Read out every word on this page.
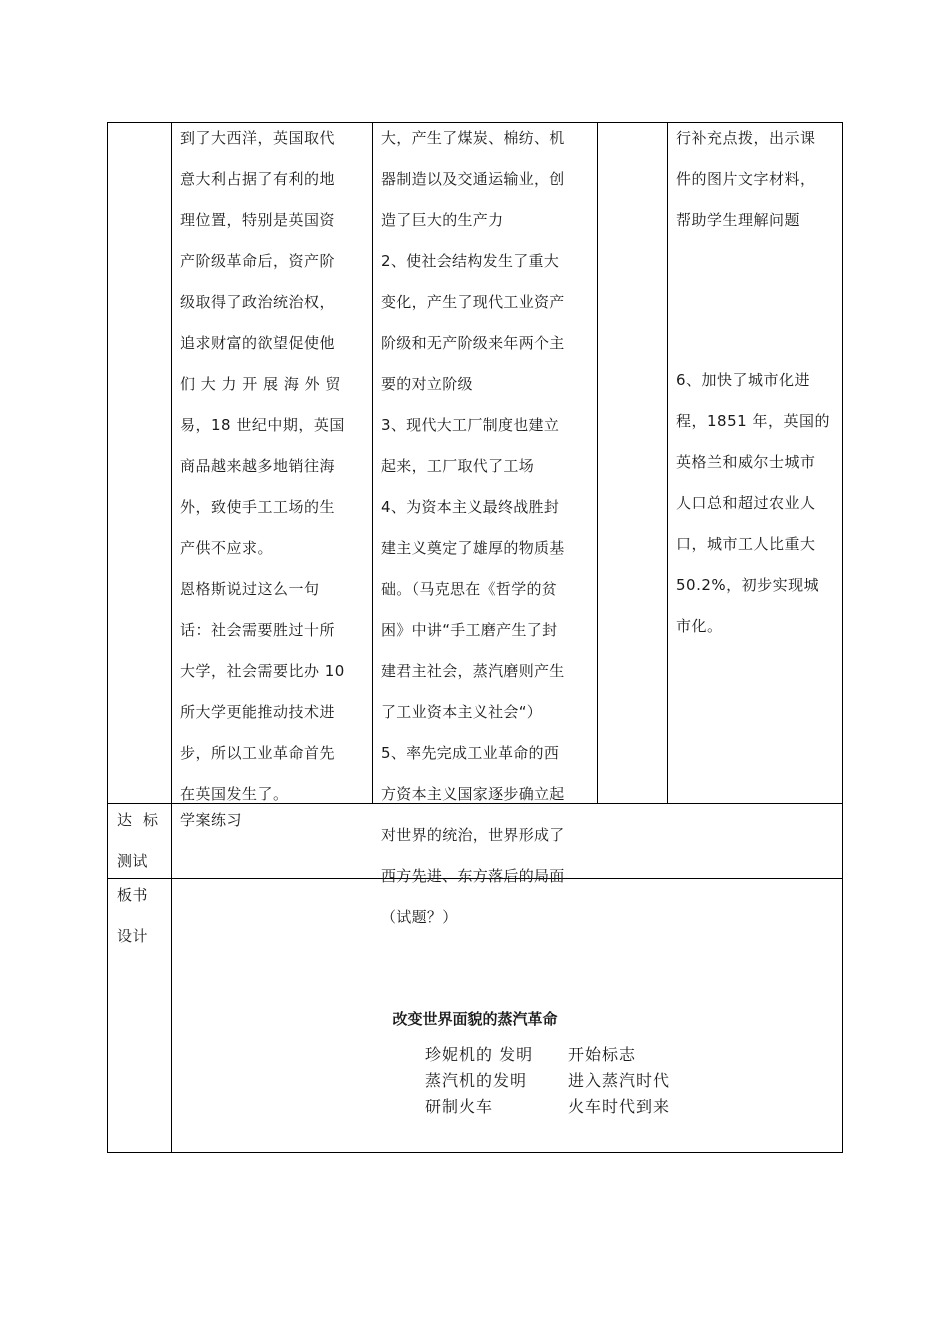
到了大西洋，英国取代

意大利占据了有利的地

理位置，特别是英国资

产阶级革命后，资产阶

级取得了政治统治权，

追求财富的欲望促使他

们 大 力 开 展 海 外 贸

易，18 世纪中期，英国

商品越来越多地销往海

外，致使手工工场的生

产供不应求。

恩格斯说过这么一句

话：社会需要胜过十所

大学，社会需要比办 10

所大学更能推动技术进

步，所以工业革命首先

在英国发生了。

大，产生了煤炭、棉纺、机

器制造以及交通运输业，创

造了巨大的生产力

2、使社会结构发生了重大

变化，产生了现代工业资产

阶级和无产阶级来年两个主

要的对立阶级

3、现代大工厂制度也建立

起来，工厂取代了工场

4、为资本主义最终战胜封

建主义奠定了雄厚的物质基

础。（马克思在《哲学的贫

困》中讲“手工磨产生了封

建君主社会，蒸汽磨则产生

了工业资本主义社会“）

5、率先完成工业革命的西

方资本主义国家逐步确立起

对世界的统治，世界形成了

西方先进、东方落后的局面

（试题？）

行补充点拨，出示课

件的图片文字材料，

帮助学生理解问题

6、加快了城市化进

程，1851 年，英国的

英格兰和威尔士城市

人口总和超过农业人

口，城市工人比重大

50.2%，初步实现城

市化。

达  标

测试

学案练习

板书

设计

改变世界面貌的蒸汽革命
珍妮机的 发明 开始标志
蒸汽机的发明	进入蒸汽时代
研制火车	火车时代到来
